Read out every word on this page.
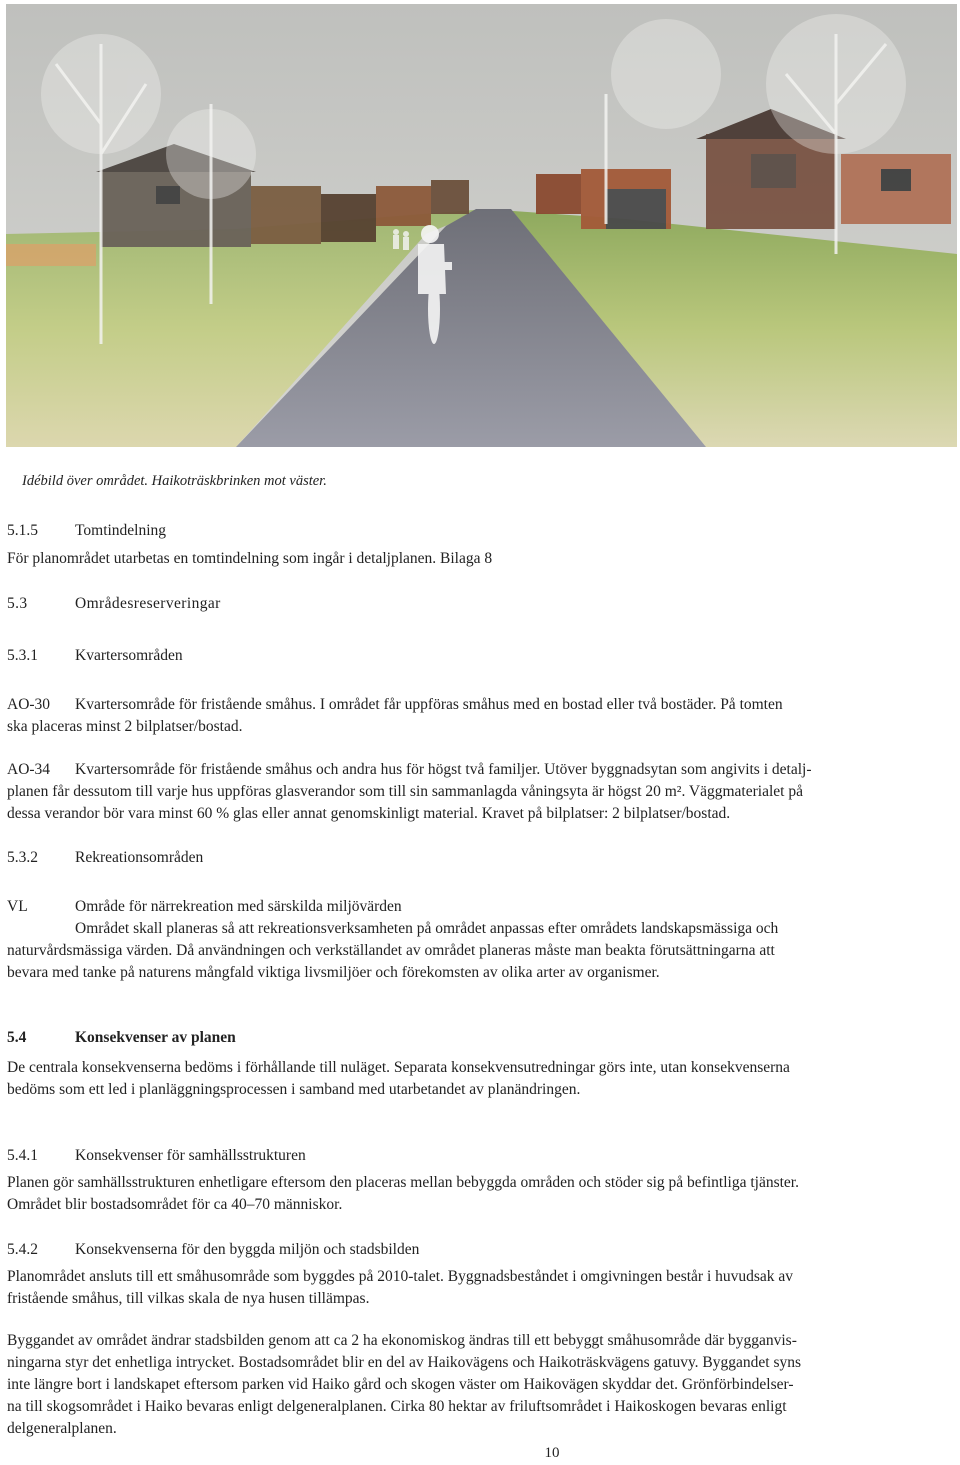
Idébild över området. Haikoträskbrinken mot väster.
5.1.5 Tomtindelning
För planområdet utarbetas en tomtindelning som ingår i detaljplanen. Bilaga 8
5.3	Områdesreserveringar
5.3.1 Kvartersområden
AO-30 Kvartersområde för fristående småhus. I området får uppföras småhus med en bostad eller två bostäder. På tomten
ska placeras minst 2 bilplatser/bostad.
AO-34 Kvartersområde för fristående småhus och andra hus för högst två familjer. Utöver byggnadsytan som angivits i detalj-
planen får dessutom till varje hus uppföras glasverandor som till sin sammanlagda våningsyta är högst 20 m². Väggmaterialet på
dessa verandor bör vara minst 60 % glas eller annat genomskinligt material. Kravet på bilplatser: 2 bilplatser/bostad.
5.3.2 Rekreationsområden
VL	Område för närrekreation med särskilda miljövärden
Området skall planeras så att rekreationsverksamheten på området anpassas efter områdets landskapsmässiga och
naturvårdsmässiga värden. Då användningen och verkställandet av området planeras måste man beakta förutsättningarna att
bevara med tanke på naturens mångfald viktiga livsmiljöer och förekomsten av olika arter av organismer.
5.4	Konsekvenser av planen
De centrala konsekvenserna bedöms i förhållande till nuläget. Separata konsekvensutredningar görs inte, utan konsekvenserna
bedöms som ett led i planläggningsprocessen i samband med utarbetandet av planändringen.
5.4.1 Konsekvenser för samhällsstrukturen
Planen gör samhällsstrukturen enhetligare eftersom den placeras mellan bebyggda områden och stöder sig på befintliga tjänster.
Området blir bostadsområdet för ca 40–70 människor.
5.4.2 Konsekvenserna för den byggda miljön och stadsbilden
Planområdet ansluts till ett småhusområde som byggdes på 2010-talet. Byggnadsbeståndet i omgivningen består i huvudsak av
fristående småhus, till vilkas skala de nya husen tillämpas.
Byggandet av området ändrar stadsbilden genom att ca 2 ha ekonomiskog ändras till ett bebyggt småhusområde där bygganvis-
ningarna styr det enhetliga intrycket. Bostadsområdet blir en del av Haikovägens och Haikoträskvägens gatuvy. Byggandet syns
inte längre bort i landskapet eftersom parken vid Haiko gård och skogen väster om Haikovägen skyddar det. Grönförbindelser-
na till skogsområdet i Haiko bevaras enligt delgeneralplanen. Cirka 80 hektar av friluftsområdet i Haikoskogen bevaras enligt
delgeneralplanen.
10
